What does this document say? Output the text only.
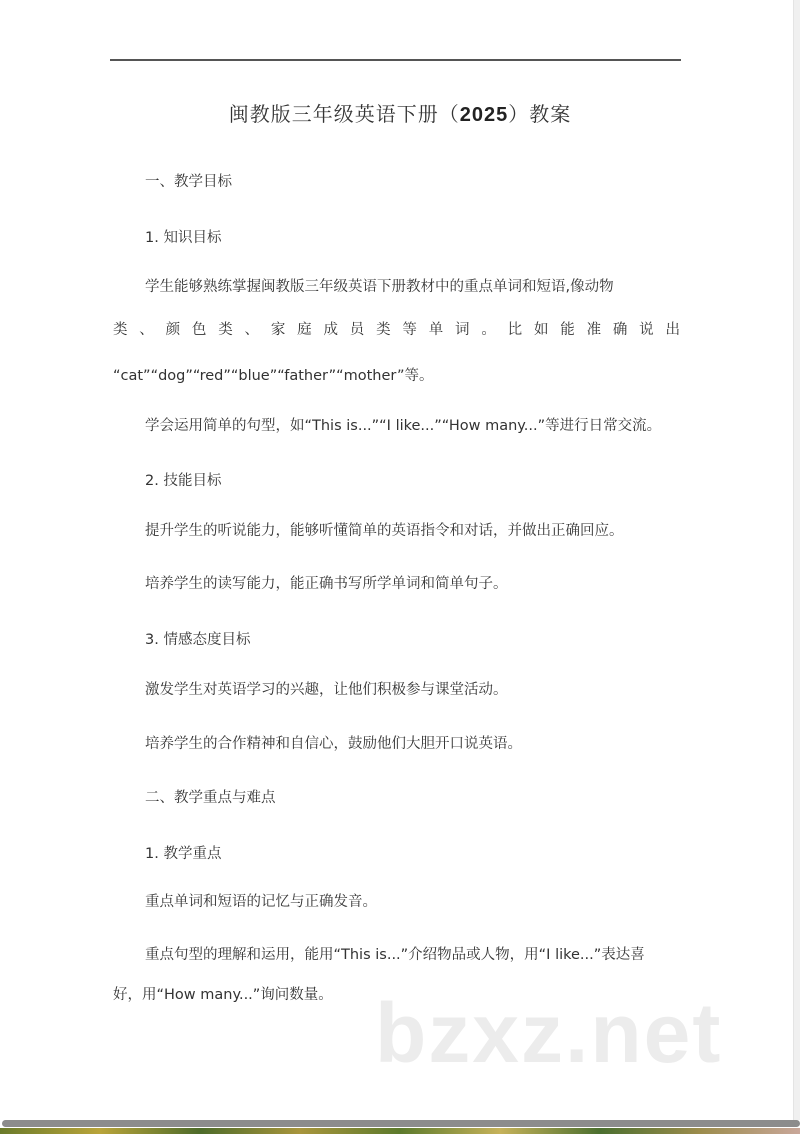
闽教版三年级英语下册（2025）教案
一、教学目标
1. 知识目标
学生能够熟练掌握闽教版三年级英语下册教材中的重点单词和短语,像动物
类 、 颜 色 类 、 家 庭 成 员 类 等 单 词 。 比 如 能 准 确 说 出
“cat”“dog”“red”“blue”“father”“mother”等。
学会运用简单的句型，如“This is...”“I like...”“How many...”等进行日常交流。
2. 技能目标
提升学生的听说能力，能够听懂简单的英语指令和对话，并做出正确回应。
培养学生的读写能力，能正确书写所学单词和简单句子。
3. 情感态度目标
激发学生对英语学习的兴趣，让他们积极参与课堂活动。
培养学生的合作精神和自信心，鼓励他们大胆开口说英语。
二、教学重点与难点
1. 教学重点
重点单词和短语的记忆与正确发音。
重点句型的理解和运用，能用“This is...”介绍物品或人物，用“I like...”表达喜
好，用“How many...”询问数量。 bzxz.net
